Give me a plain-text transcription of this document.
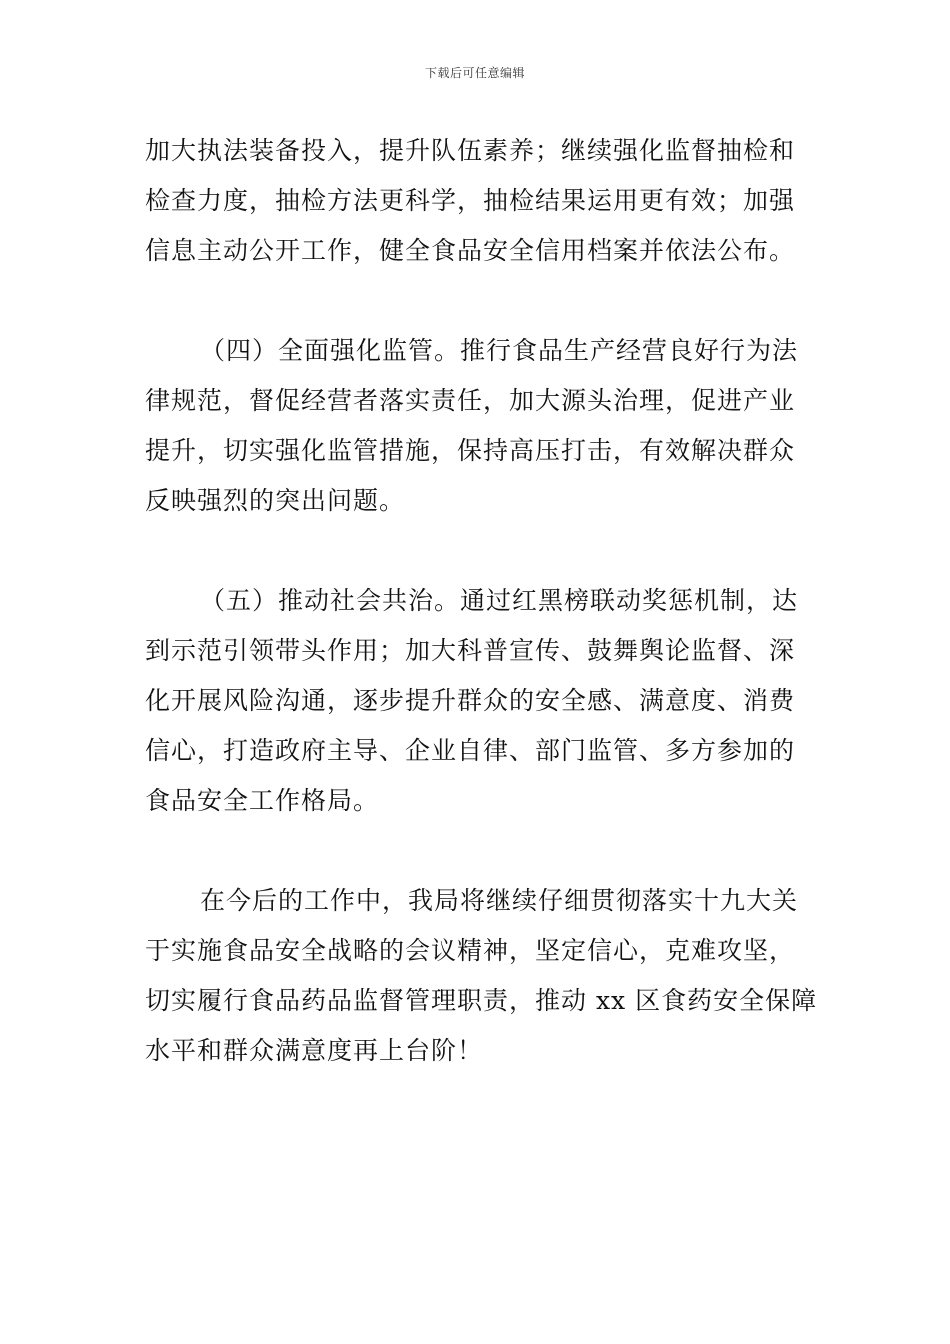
下载后可任意编辑

加大执法装备投入，提升队伍素养；继续强化监督抽检和
检查力度，抽检方法更科学，抽检结果运用更有效；加强
信息主动公开工作，健全食品安全信用档案并依法公布。

（四）全面强化监管。推行食品生产经营良好行为法
律规范，督促经营者落实责任，加大源头治理，促进产业
提升，切实强化监管措施，保持高压打击，有效解决群众
反映强烈的突出问题。

（五）推动社会共治。通过红黑榜联动奖惩机制，达
到示范引领带头作用；加大科普宣传、鼓舞舆论监督、深
化开展风险沟通，逐步提升群众的安全感、满意度、消费
信心，打造政府主导、企业自律、部门监管、多方参加的
食品安全工作格局。

在今后的工作中，我局将继续仔细贯彻落实十九大关
于实施食品安全战略的会议精神，坚定信心，克难攻坚，
切实履行食品药品监督管理职责，推动 xx 区食药安全保障
水平和群众满意度再上台阶！
